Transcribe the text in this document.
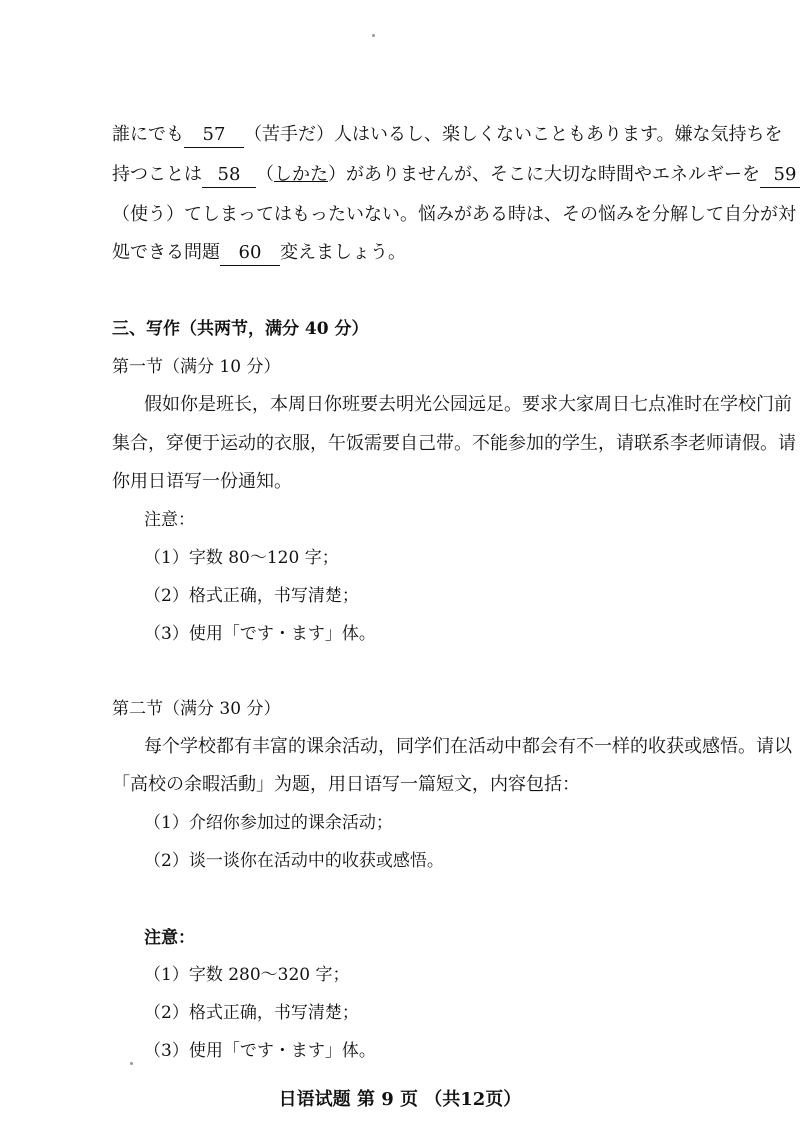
誰にでも 57 （苦手だ）人はいるし、楽しくないこともあります。嫌な気持ちを
持つことは 58 （しかた）がありませんが、そこに大切な時間やエネルギーを 59
（使う）てしまってはもったいない。悩みがある時は、その悩みを分解して自分が対
処できる問題 60 変えましょう。
三、写作（共两节，满分 40 分）
第一节（满分 10 分）
假如你是班长，本周日你班要去明光公园远足。要求大家周日七点准时在学校门前
集合，穿便于运动的衣服，午饭需要自己带。不能参加的学生，请联系李老师请假。请
你用日语写一份通知。
注意：
（1）字数 80～120 字；
（2）格式正确，书写清楚；
（3）使用「です・ます」体。
第二节（满分 30 分）
每个学校都有丰富的课余活动，同学们在活动中都会有不一样的收获或感悟。请以
「高校の余暇活動」为题，用日语写一篇短文，内容包括：
（1）介绍你参加过的课余活动；
（2）谈一谈你在活动中的收获或感悟。
注意：
（1）字数 280～320 字；
（2）格式正确，书写清楚；
（3）使用「です・ます」体。
日语试题 第 9 页 （共12页）
